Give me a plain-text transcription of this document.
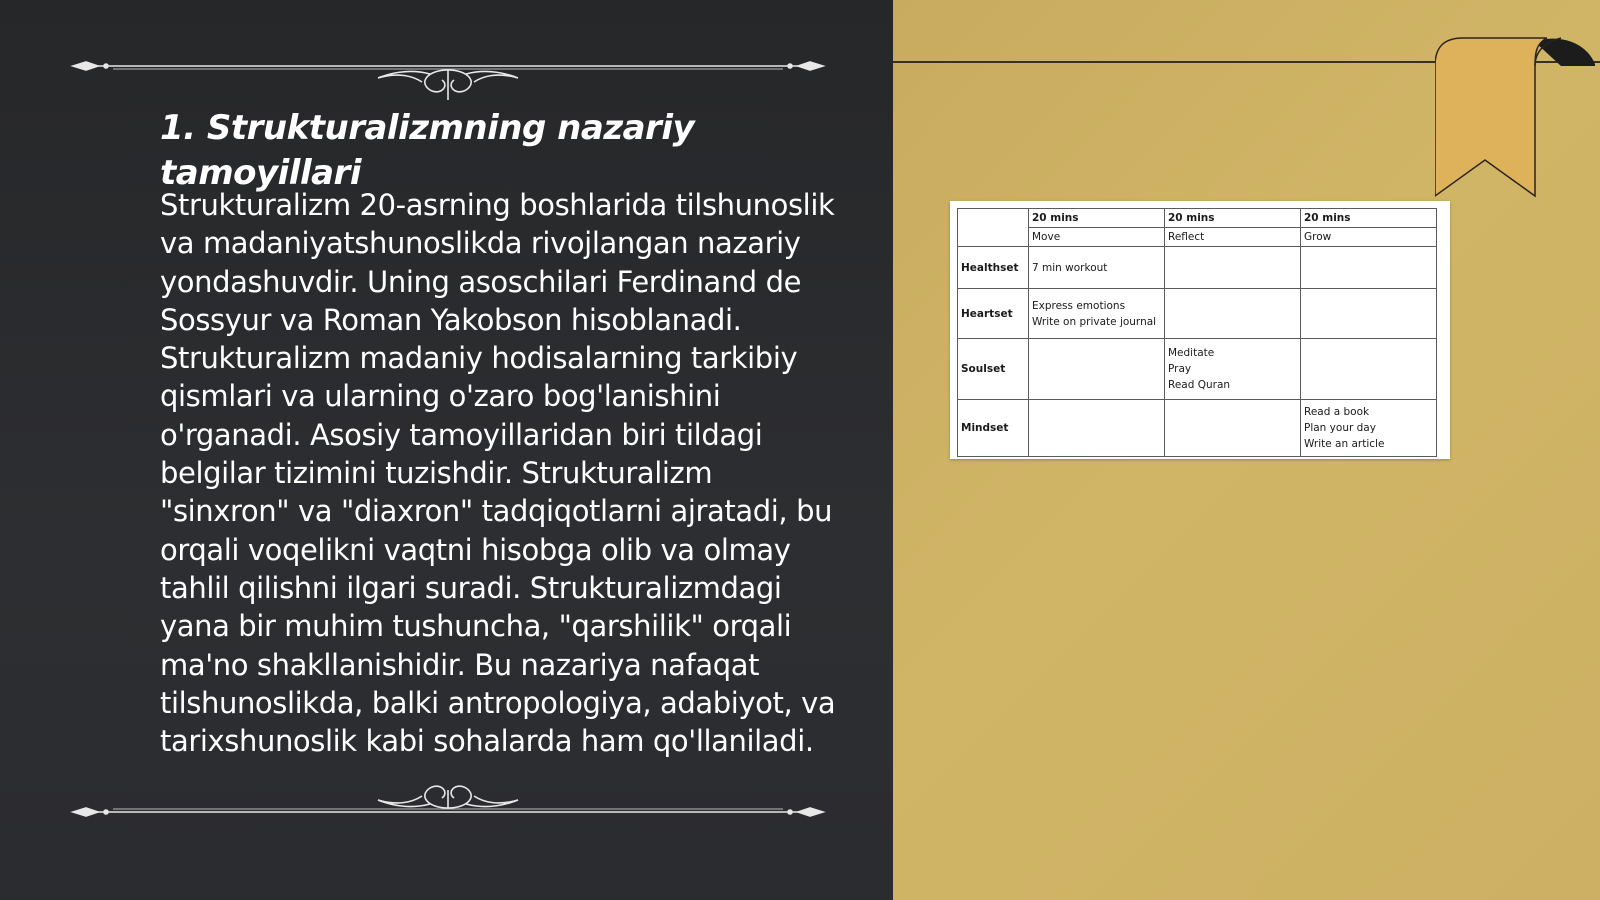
1. Strukturalizmning nazariy tamoyillari

Strukturalizm 20-asrning boshlarida tilshunoslik va madaniyatshunoslikda rivojlangan nazariy yondashuvdir. Uning asoschilari Ferdinand de Sossyur va Roman Yakobson hisoblanadi. Strukturalizm madaniy hodisalarning tarkibiy qismlari va ularning o'zaro bog'lanishini o'rganadi. Asosiy tamoyillaridan biri tildagi belgilar tizimini tuzishdir. Strukturalizm "sinxron" va "diaxron" tadqiqotlarni ajratadi, bu orqali voqelikni vaqtni hisobga olib va olmay tahlil qilishni ilgari suradi. Strukturalizmdagi yana bir muhim tushuncha, "qarshilik" orqali ma'no shakllanishidir. Bu nazariya nafaqat tilshunoslikda, balki antropologiya, adabiyot, va tarixshunoslik kabi sohalarda ham qo'llaniladi.

	20 mins	20 mins	20 mins
	Move	Reflect	Grow
Healthset	7 min workout		

Heartset	Express emotions
Write on private journal		

Soulset		Meditate
Pray
Read Quran	

Mindset			Read a book
Plan your day
Write an article
